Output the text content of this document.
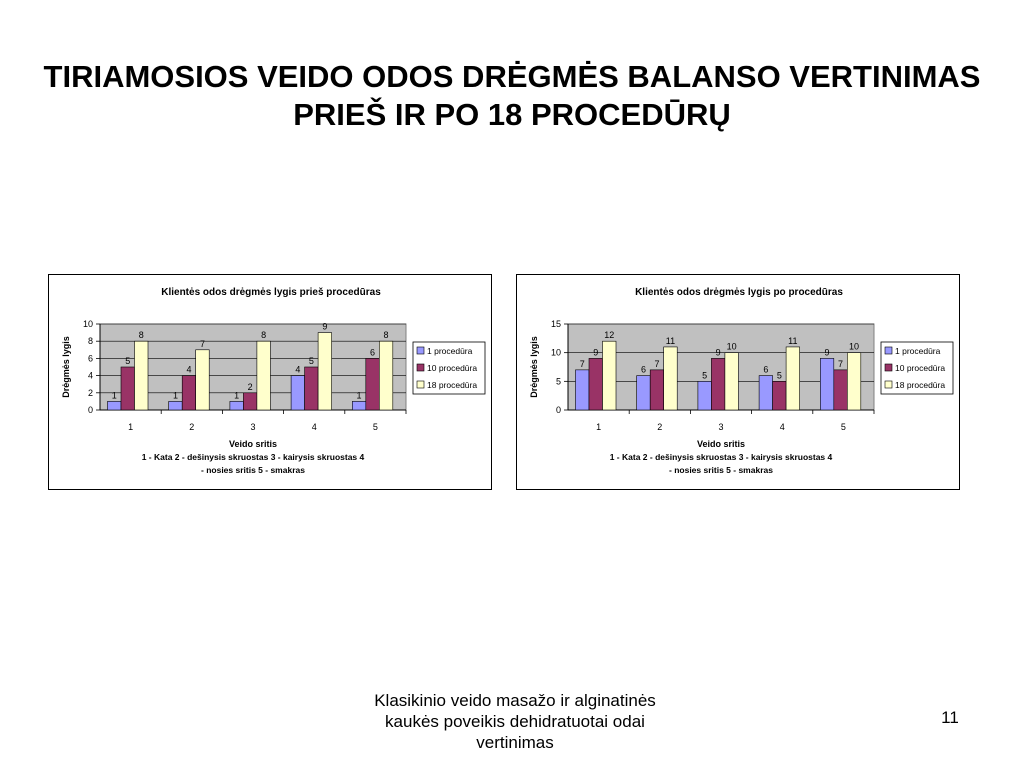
TIRIAMOSIOS VEIDO ODOS DRĖGMĖS BALANSO VERTINIMAS PRIEŠ IR PO 18 PROCEDŪRŲ
Klientės odos drėgmės lygis prieš procedūras
0
2
4
6
8
10
1
1
5
8
2
1
4
7
3
1
2
8
4
4
5
9
5
1
6
8
Drėgmės lygis
Veido sritis
1 - Kata 2 - dešinysis skruostas 3 - kairysis skruostas 4
- nosies sritis 5 - smakras
1 procedūra
10 procedūra
18 procedūra
Klientės odos drėgmės lygis po procedūras
0
5
10
15
1
7
9
12
2
6
7
11
3
5
9
10
4
6
5
11
5
9
7
10
Drėgmės lygis
Veido sritis
1 - Kata 2 - dešinysis skruostas 3 - kairysis skruostas 4
- nosies sritis 5 - smakras
1 procedūra
10 procedūra
18 procedūra
Klasikinio veido masažo ir alginatinės kaukės poveikis dehidratuotai odai vertinimas
11
